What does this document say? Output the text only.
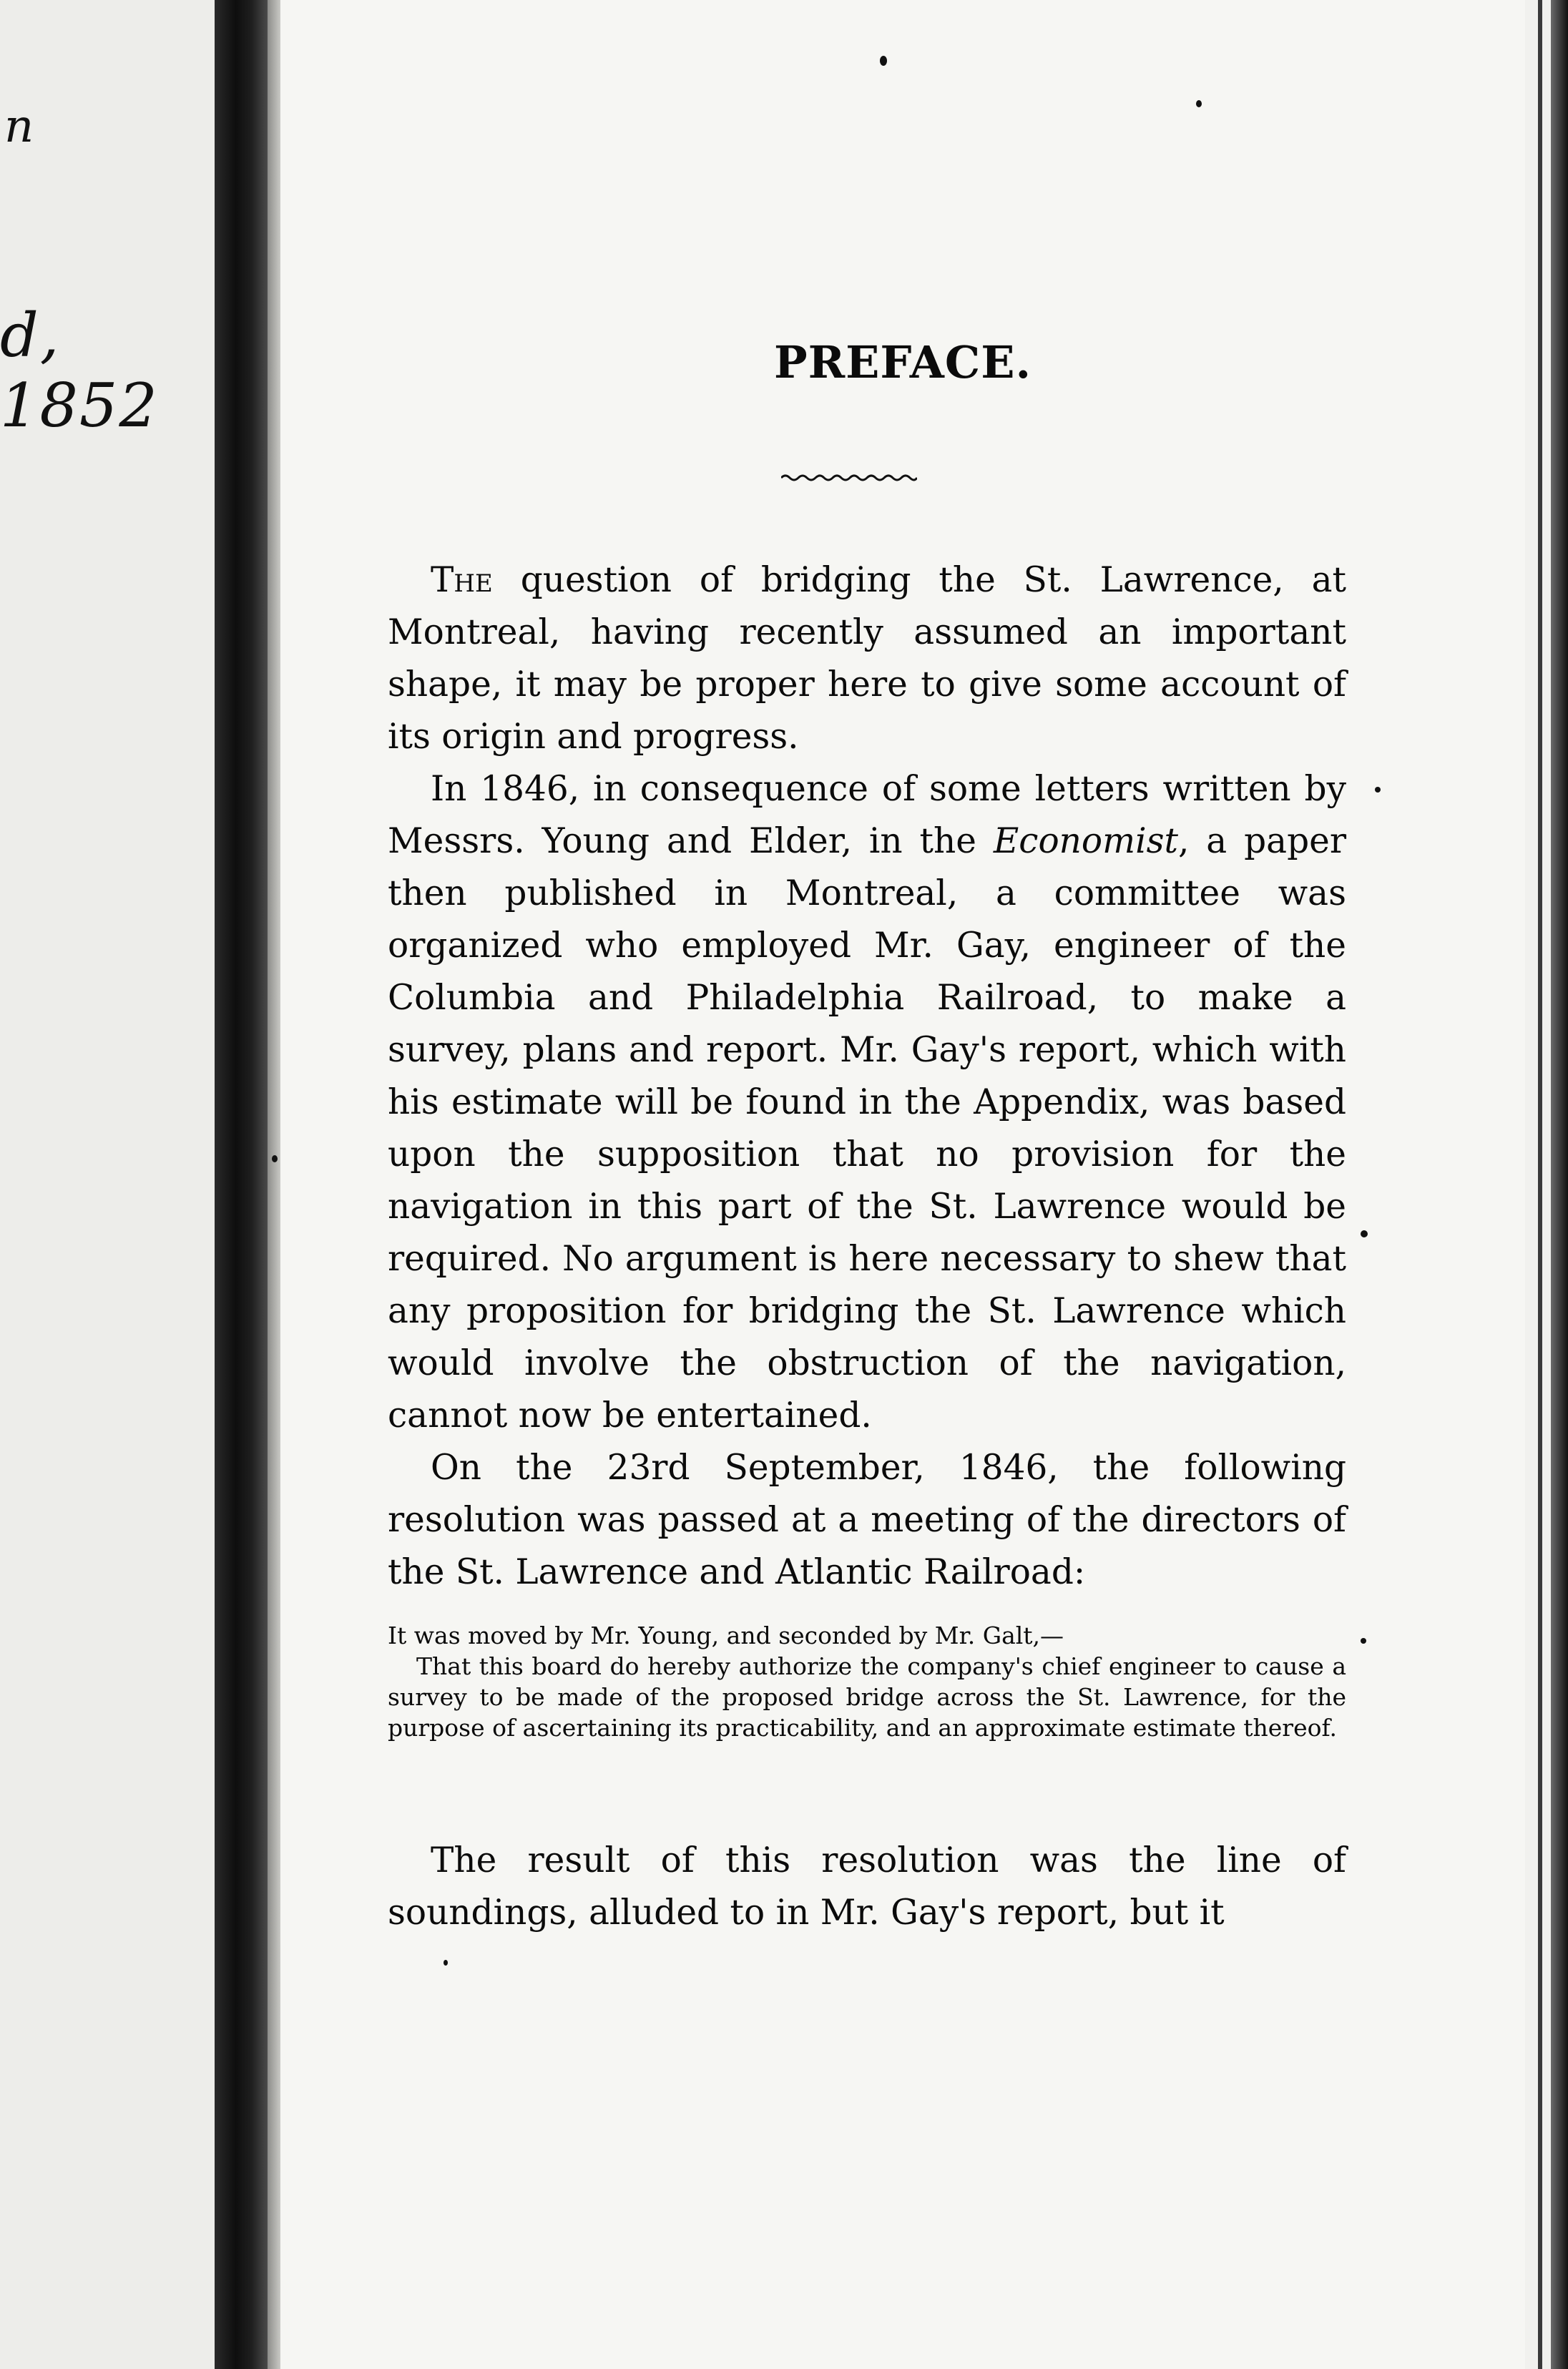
n
d, 1852
PREFACE.

The question of bridging the St. Lawrence, at Montreal, having recently assumed an important shape, it may be proper here to give some account of its origin and progress.

In 1846, in consequence of some letters written by Messrs. Young and Elder, in the Economist, a paper then published in Montreal, a committee was organized who employed Mr. Gay, engineer of the Columbia and Philadelphia Railroad, to make a survey, plans and report. Mr. Gay's report, which with his estimate will be found in the Appendix, was based upon the supposition that no provision for the navigation in this part of the St. Lawrence would be required. No argument is here necessary to shew that any proposition for bridging the St. Lawrence which would involve the obstruction of the navigation, cannot now be entertained.

On the 23rd September, 1846, the following resolution was passed at a meeting of the directors of the St. Lawrence and Atlantic Railroad:

It was moved by Mr. Young, and seconded by Mr. Galt,—

That this board do hereby authorize the company's chief engineer to cause a survey to be made of the proposed bridge across the St. Lawrence, for the purpose of ascertaining its practicability, and an approximate estimate thereof.

The result of this resolution was the line of soundings, alluded to in Mr. Gay's report, but it
